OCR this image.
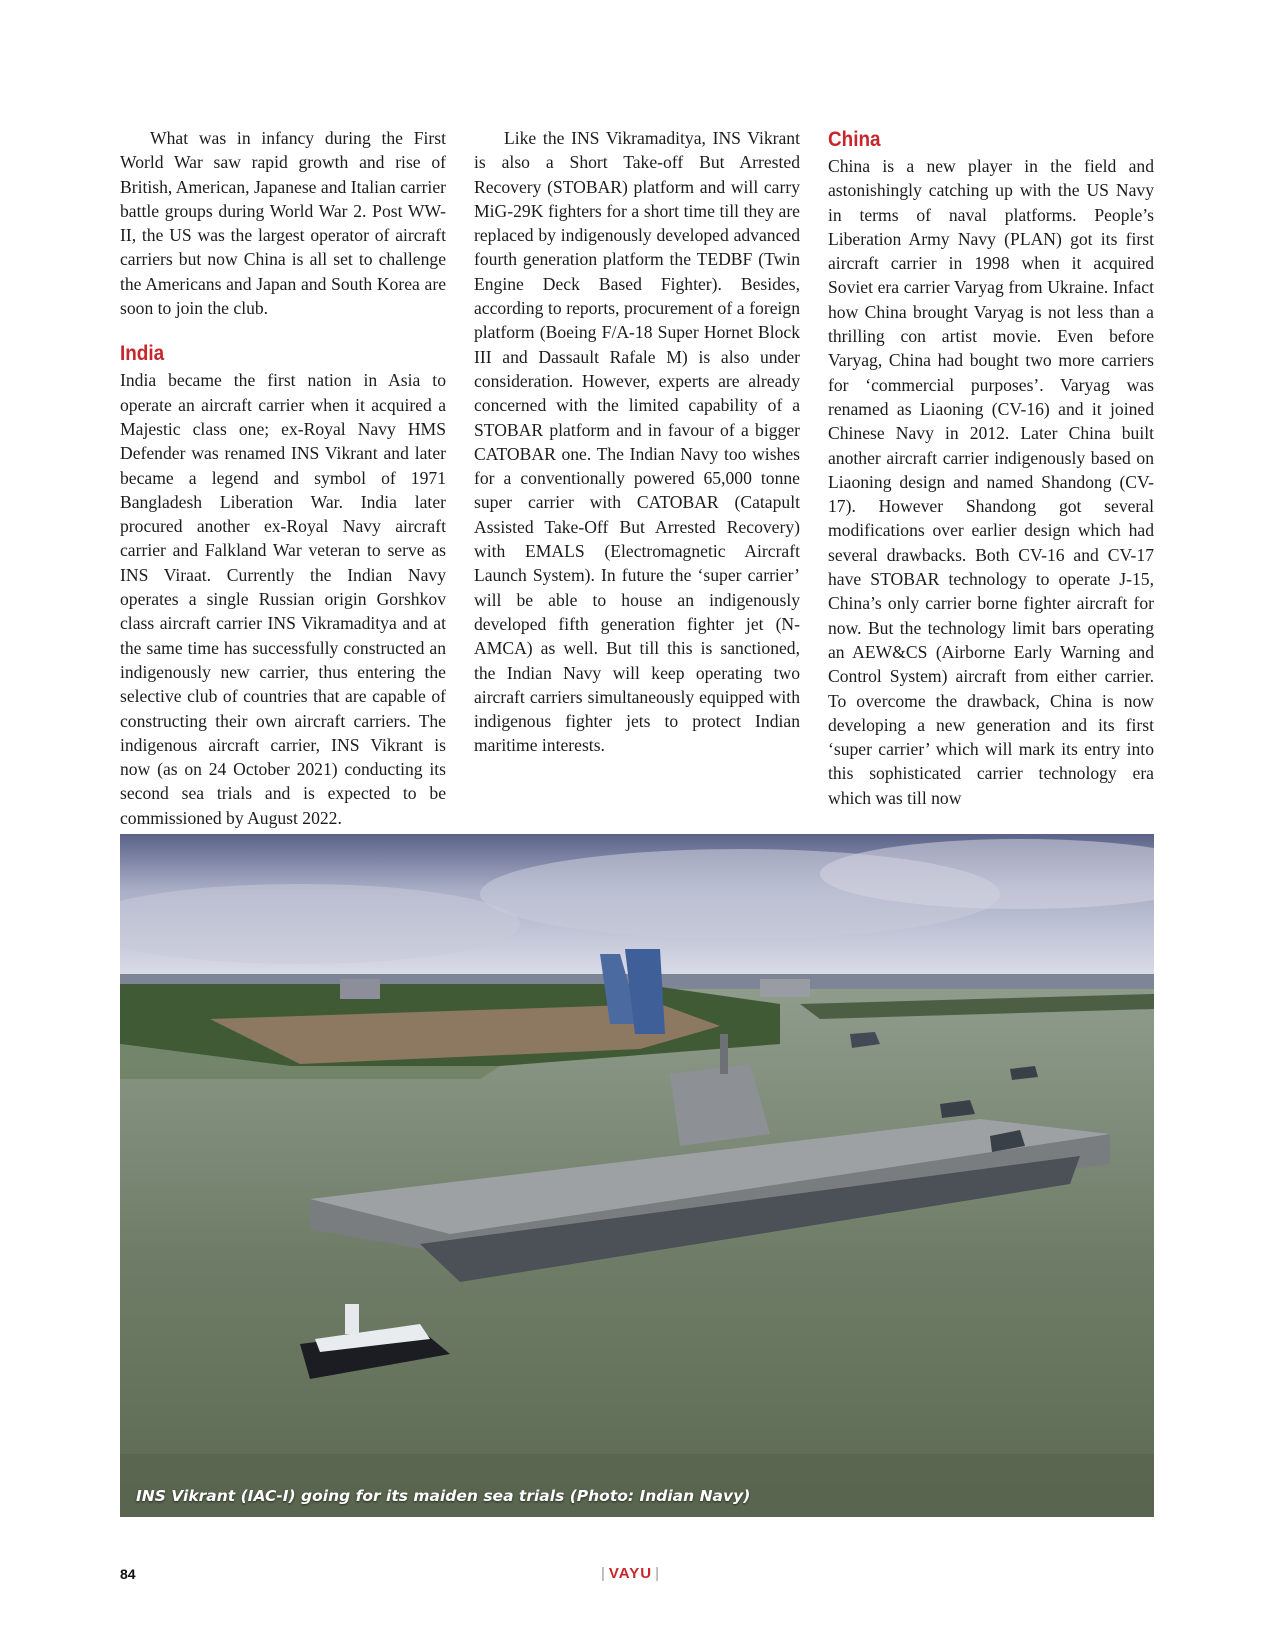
What was in infancy during the First World War saw rapid growth and rise of British, American, Japanese and Italian carrier battle groups during World War 2. Post WW-II, the US was the largest operator of aircraft carriers but now China is all set to challenge the Americans and Japan and South Korea are soon to join the club.

India

India became the first nation in Asia to operate an aircraft carrier when it acquired a Majestic class one; ex-Royal Navy HMS Defender was renamed INS Vikrant and later became a legend and symbol of 1971 Bangladesh Liberation War. India later procured another ex-Royal Navy aircraft carrier and Falkland War veteran to serve as INS Viraat. Currently the Indian Navy operates a single Russian origin Gorshkov class aircraft carrier INS Vikramaditya and at the same time has successfully constructed an indigenously new carrier, thus entering the selective club of countries that are capable of constructing their own aircraft carriers. The indigenous aircraft carrier, INS Vikrant is now (as on 24 October 2021) conducting its second sea trials and is expected to be commissioned by August 2022.

Like the INS Vikramaditya, INS Vikrant is also a Short Take-off But Arrested Recovery (STOBAR) platform and will carry MiG-29K fighters for a short time till they are replaced by indigenously developed advanced fourth generation platform the TEDBF (Twin Engine Deck Based Fighter). Besides, according to reports, procurement of a foreign platform (Boeing F/A-18 Super Hornet Block III and Dassault Rafale M) is also under consideration. However, experts are already concerned with the limited capability of a STOBAR platform and in favour of a bigger CATOBAR one. The Indian Navy too wishes for a conventionally powered 65,000 tonne super carrier with CATOBAR (Catapult Assisted Take-Off But Arrested Recovery) with EMALS (Electromagnetic Aircraft Launch System). In future the ‘super carrier’ will be able to house an indigenously developed fifth generation fighter jet (N-AMCA) as well. But till this is sanctioned, the Indian Navy will keep operating two aircraft carriers simultaneously equipped with indigenous fighter jets to protect Indian maritime interests.

China

China is a new player in the field and astonishingly catching up with the US Navy in terms of naval platforms. People’s Liberation Army Navy (PLAN) got its first aircraft carrier in 1998 when it acquired Soviet era carrier Varyag from Ukraine. Infact how China brought Varyag is not less than a thrilling con artist movie. Even before Varyag, China had bought two more carriers for ‘commercial purposes’. Varyag was renamed as Liaoning (CV-16) and it joined Chinese Navy in 2012. Later China built another aircraft carrier indigenously based on Liaoning design and named Shandong (CV-17). However Shandong got several modifications over earlier design which had several drawbacks. Both CV-16 and CV-17 have STOBAR technology to operate J-15, China’s only carrier borne fighter aircraft for now. But the technology limit bars operating an AEW&CS (Airborne Early Warning and Control System) aircraft from either carrier. To overcome the drawback, China is now developing a new generation and its first ‘super carrier’ which will mark its entry into this sophisticated carrier technology era which was till now

INS Vikrant (IAC-I) going for its maiden sea trials (Photo: Indian Navy)
84	| VAYU |
